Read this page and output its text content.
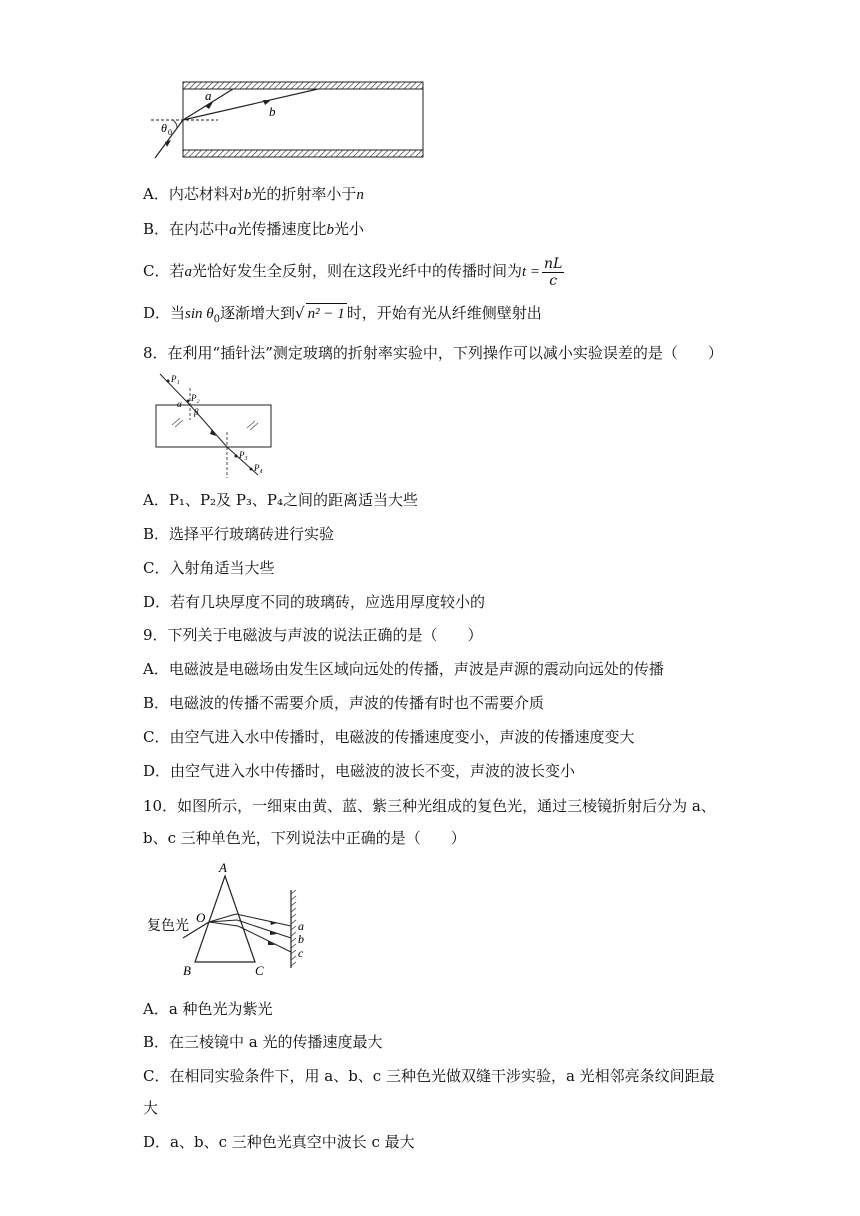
a
b
θ 0
A．内芯材料对b光的折射率小于n
B．在内芯中a光传播速度比b光小
C．若a光恰好发生全反射，则在这段光纤中的传播时间为$t = \frac{nL}{c}$
D．当$\sin \theta_0$逐渐增大到√ n² − 1 时，开始有光从纤维侧壁射出
8．在利用“插针法”测定玻璃的折射率实验中，下列操作可以减小实验误差的是（　　）
P₁
P₂
P₃
P₄
α
β
A．P₁、P₂及 P₃、P₄之间的距离适当大些
B．选择平行玻璃砖进行实验
C．入射角适当大些
D．若有几块厚度不同的玻璃砖，应选用厚度较小的
9．下列关于电磁波与声波的说法正确的是（　　）
A．电磁波是电磁场由发生区域向远处的传播，声波是声源的震动向远处的传播
B．电磁波的传播不需要介质，声波的传播有时也不需要介质
C．由空气进入水中传播时，电磁波的传播速度变小，声波的传播速度变大
D．由空气进入水中传播时，电磁波的波长不变，声波的波长变小
10．如图所示，一细束由黄、蓝、紫三种光组成的复色光，通过三棱镜折射后分为 a、
b、c 三种单色光，下列说法中正确的是（　　）
A
B	C
O
复色光	a
b
c
A．a 种色光为紫光
B．在三棱镜中 a 光的传播速度最大
C．在相同实验条件下，用 a、b、c 三种色光做双缝干涉实验，a 光相邻亮条纹间距最
大
D．a、b、c 三种色光真空中波长 c 最大
